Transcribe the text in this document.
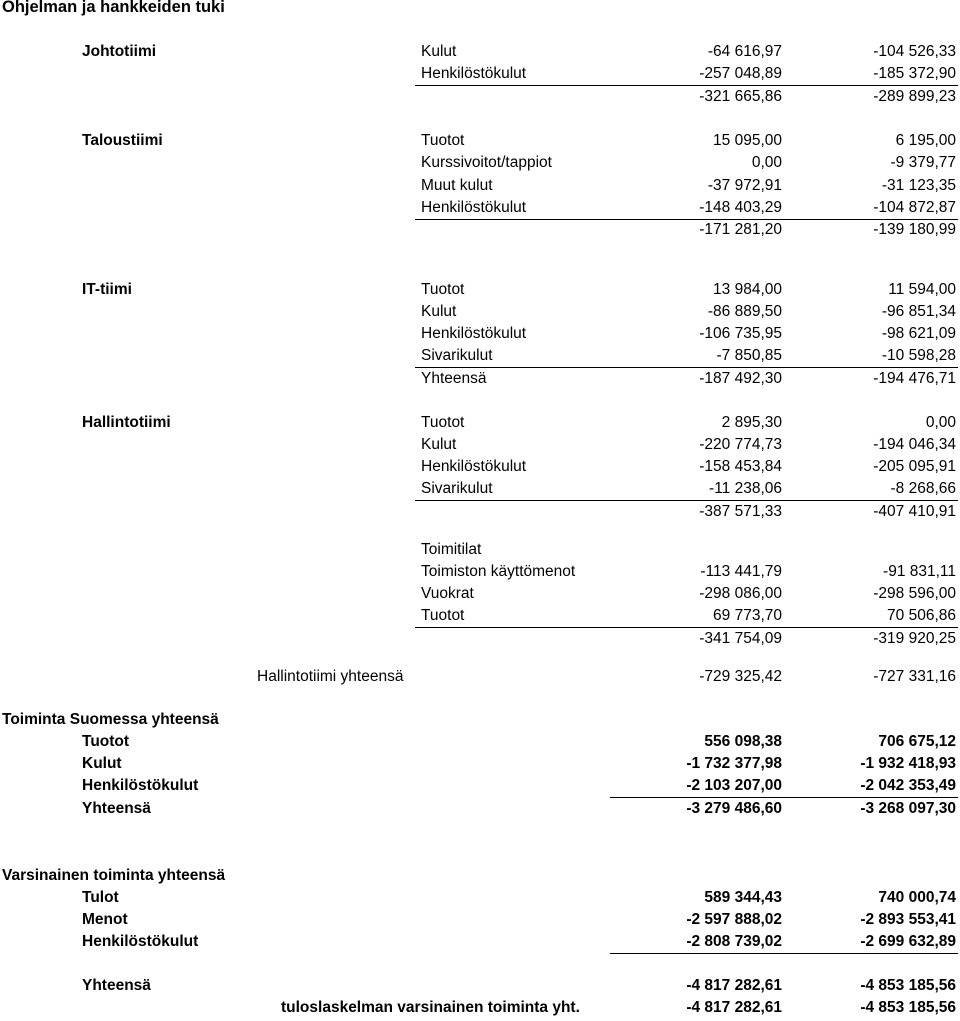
Ohjelman ja hankkeiden tuki
Johtotiimi	Kulut	-64 616,97	-104 526,33
Henkilöstökulut	-257 048,89	-185 372,90
-321 665,86	-289 899,23
Taloustiimi	Tuotot	15 095,00	6 195,00
Kurssivoitot/tappiot	0,00	-9 379,77
Muut kulut	-37 972,91	-31 123,35
Henkilöstökulut	-148 403,29	-104 872,87
-171 281,20	-139 180,99
IT-tiimi	Tuotot	13 984,00	11 594,00
Kulut	-86 889,50	-96 851,34
Henkilöstökulut	-106 735,95	-98 621,09
Sivarikulut	-7 850,85	-10 598,28
Yhteensä	-187 492,30	-194 476,71
Hallintotiimi	Tuotot	2 895,30	0,00
Kulut	-220 774,73	-194 046,34
Henkilöstökulut	-158 453,84	-205 095,91
Sivarikulut	-11 238,06	-8 268,66
-387 571,33	-407 410,91
Toimitilat
Toimiston käyttömenot	-113 441,79	-91 831,11
Vuokrat	-298 086,00	-298 596,00
Tuotot	69 773,70	70 506,86
-341 754,09	-319 920,25
Hallintotiimi yhteensä	-729 325,42	-727 331,16
Toiminta Suomessa yhteensä
Tuotot	556 098,38	706 675,12
Kulut	-1 732 377,98	-1 932 418,93
Henkilöstökulut	-2 103 207,00	-2 042 353,49
Yhteensä	-3 279 486,60	-3 268 097,30
Varsinainen toiminta yhteensä
Tulot	589 344,43	740 000,74
Menot	-2 597 888,02	-2 893 553,41
Henkilöstökulut	-2 808 739,02	-2 699 632,89
Yhteensä	-4 817 282,61	-4 853 185,56
tuloslaskelman varsinainen toiminta yht.	-4 817 282,61	-4 853 185,56
